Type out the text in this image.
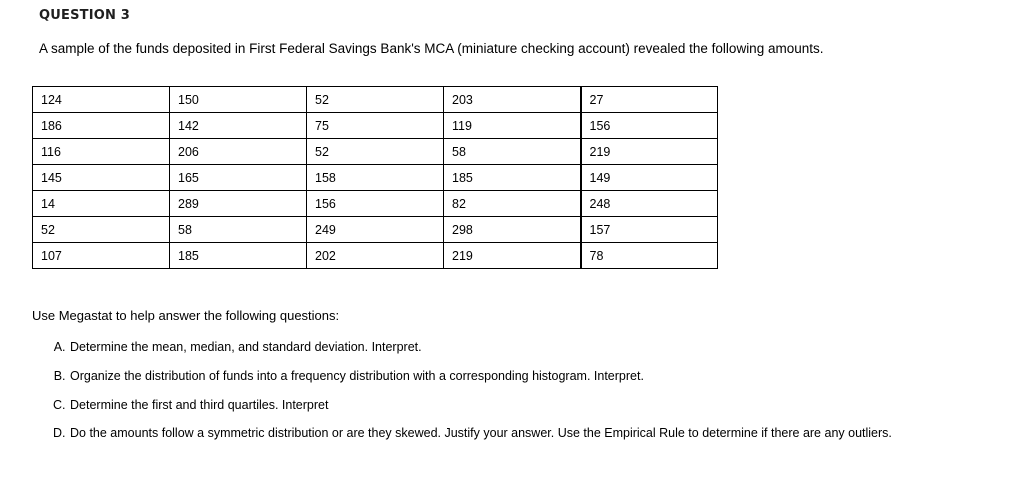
QUESTION 3
A sample of the funds deposited in First Federal Savings Bank's MCA (miniature checking account) revealed the following amounts.
124	150	52	203	27
186	142	75	119	156
116	206	52	58	219
145	165	158	185	149
14	289	156	82	248
52	58	249	298	157
107	185	202	219	78
Use Megastat to help answer the following questions:
A. Determine the mean, median, and standard deviation. Interpret.
B. Organize the distribution of funds into a frequency distribution with a corresponding histogram. Interpret.
C. Determine the first and third quartiles. Interpret
D. Do the amounts follow a symmetric distribution or are they skewed. Justify your answer. Use the Empirical Rule to determine if there are any outliers.
